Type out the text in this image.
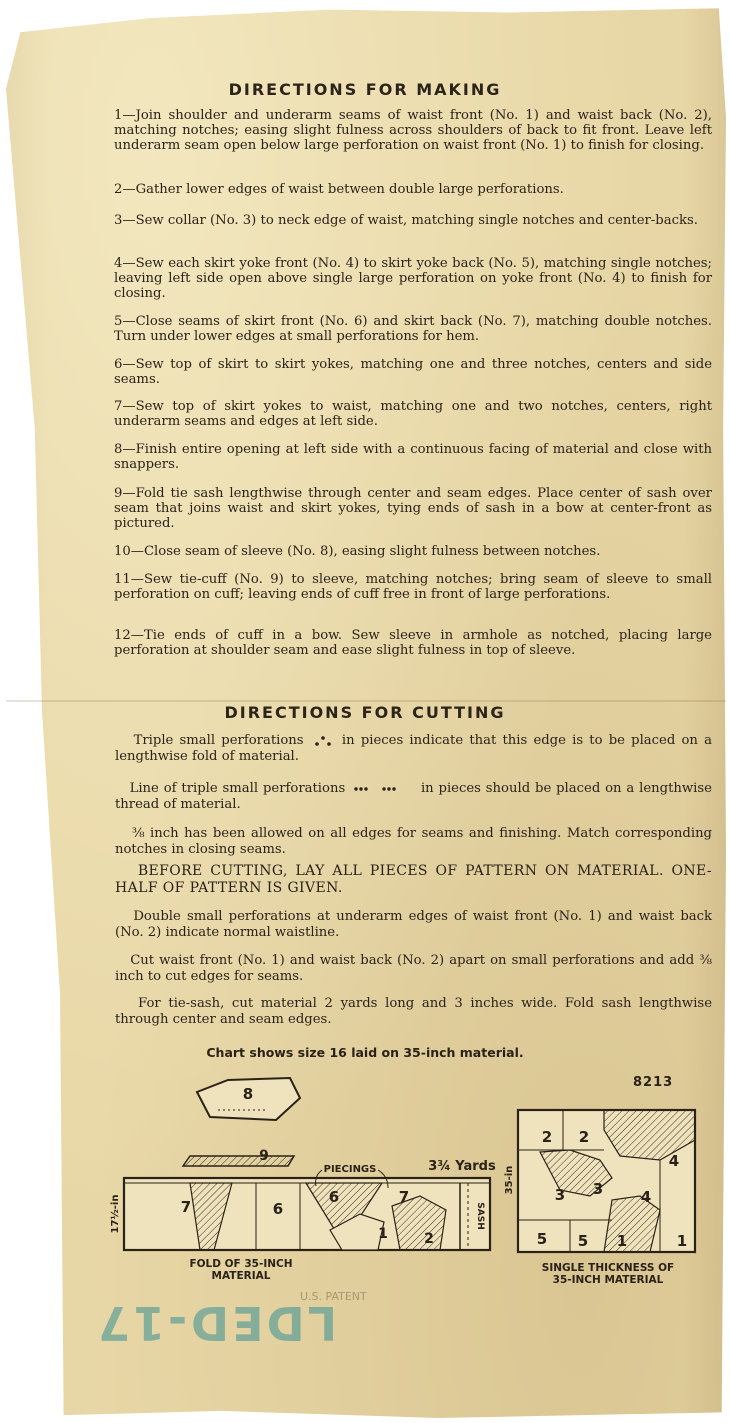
DIRECTIONS FOR MAKING
1—Join shoulder and underarm seams of waist front (No. 1) and waist back (No. 2), matching notches; easing slight fulness across shoulders of back to fit front. Leave left underarm seam open below large perforation on waist front (No. 1) to finish for closing.
2—Gather lower edges of waist between double large perforations.
3—Sew collar (No. 3) to neck edge of waist, matching single notches and center-backs.
4—Sew each skirt yoke front (No. 4) to skirt yoke back (No. 5), matching single notches; leaving left side open above single large perforation on yoke front (No. 4) to finish for closing.
5—Close seams of skirt front (No. 6) and skirt back (No. 7), matching double notches. Turn under lower edges at small perforations for hem.
6—Sew top of skirt to skirt yokes, matching one and three notches, centers and side seams.
7—Sew top of skirt yokes to waist, matching one and two notches, centers, right underarm seams and edges at left side.
8—Finish entire opening at left side with a continuous facing of material and close with snappers.
9—Fold tie sash lengthwise through center and seam edges. Place center of sash over seam that joins waist and skirt yokes, tying ends of sash in a bow at center-front as pictured.
10—Close seam of sleeve (No. 8), easing slight fulness between notches.
11—Sew tie-cuff (No. 9) to sleeve, matching notches; bring seam of sleeve to small perforation on cuff; leaving ends of cuff free in front of large perforations.
12—Tie ends of cuff in a bow. Sew sleeve in armhole as notched, placing large perforation at shoulder seam and ease slight fulness in top of sleeve.
DIRECTIONS FOR CUTTING
Triple small perforations	in pieces indicate that this edge is to be placed on a lengthwise fold of material.
Line of triple small perforations	in pieces should be placed on a lengthwise thread of material.
⅜ inch has been allowed on all edges for seams and finishing. Match corresponding notches in closing seams.
BEFORE CUTTING, LAY ALL PIECES OF PATTERN ON MATERIAL. ONE-HALF OF PATTERN IS GIVEN.
Double small perforations at underarm edges of waist front (No. 1) and waist back (No. 2) indicate normal waistline.
Cut waist front (No. 1) and waist back (No. 2) apart on small perforations and add ⅜ inch to cut edges for seams.
For tie-sash, cut material 2 yards long and 3 inches wide. Fold sash lengthwise through center and seam edges.
Chart shows size 16 laid on 35-inch material.
8213
8
9
7	6
6	7
1	2
SASH
17½-in
PIECINGS	3¾ Yards
2 2
4
3 3	4
5 5 1	1
35-in
FOLD OF 35-INCH
MATERIAL
SINGLE THICKNESS OF
35-INCH MATERIAL
U.S. PATENT
LDED-17
